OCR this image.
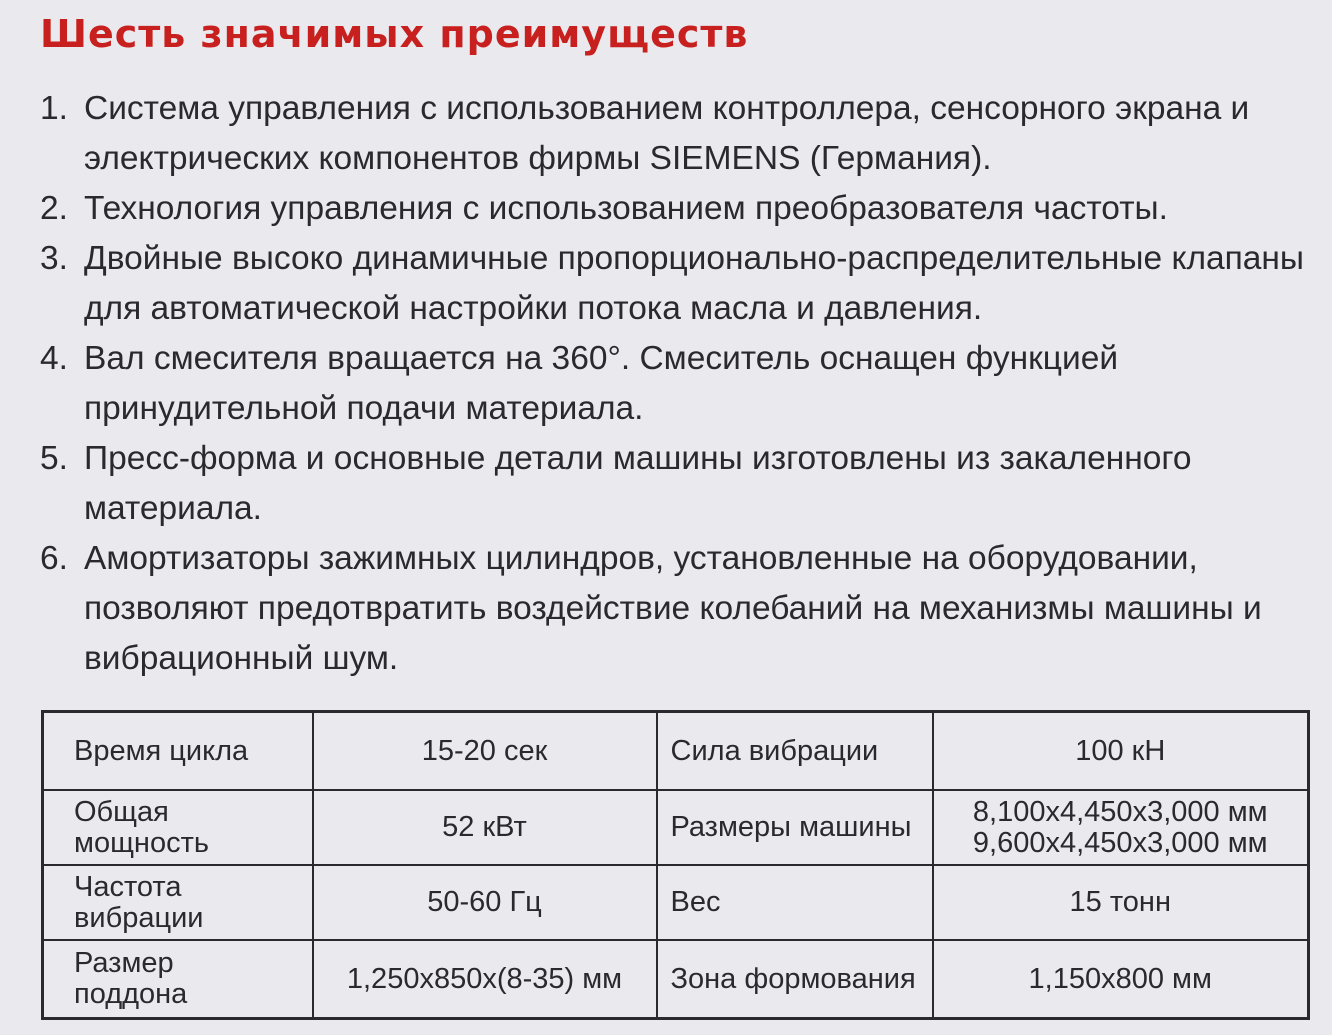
Шесть значимых преимуществ
1. Система управления с использованием контроллера, сенсорного экрана и электрических компонентов фирмы SIEMENS (Германия).
2. Технология управления с использованием преобразователя частоты.
3. Двойные высоко динамичные пропорционально-распределительные клапаны для автоматической настройки потока масла и давления.
4. Вал смесителя вращается на 360°. Смеситель оснащен функцией принудительной подачи материала.
5. Пресс-форма и основные детали машины изготовлены из закаленного материала.
6. Амортизаторы зажимных цилиндров, установленные на оборудовании, позволяют предотвратить воздействие колебаний на механизмы машины и вибрационный шум.
Время цикла	15-20 сек	Сила вибрации	100 кН

Общая
мощность	52 кВт	Размеры машины	8,100x4,450x3,000 мм
9,600x4,450x3,000 мм

Частота
вибрации	50-60 Гц	Вес	15 тонн

Размер
поддона	1,250x850x(8-35) мм	Зона формования	1,150x800 мм
